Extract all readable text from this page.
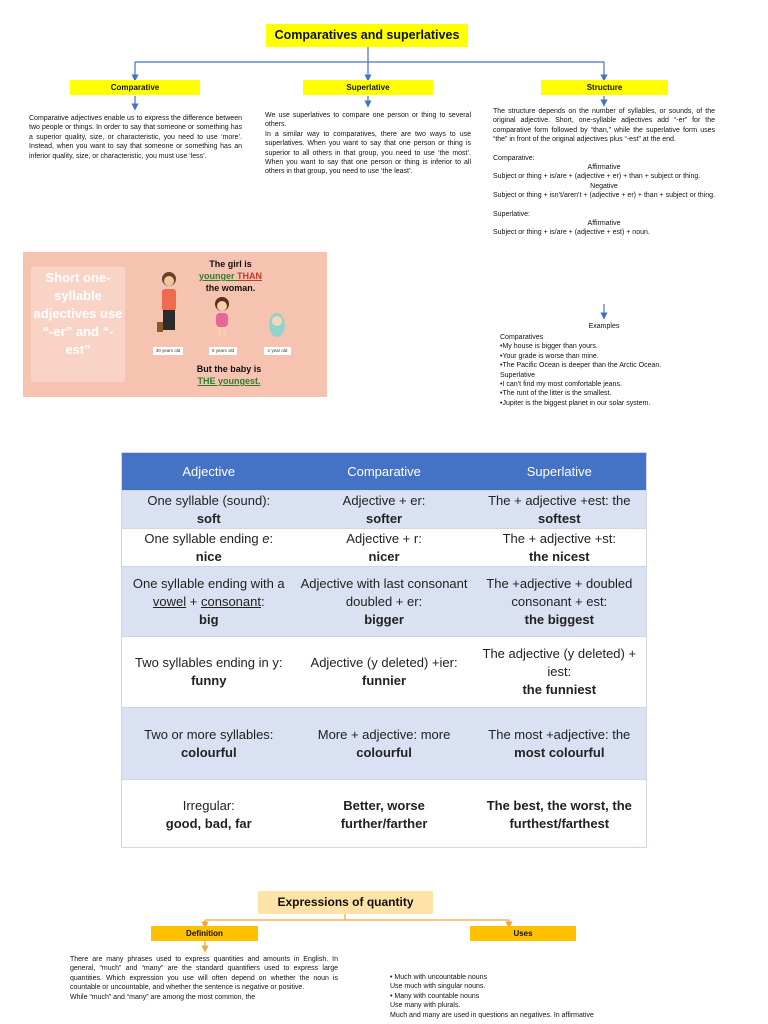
Comparatives and superlatives
Comparative	Superlative	Structure
Comparative adjectives enable us to express the difference between two people or things. In order to say that someone or something has a superior quality, size, or characteristic, you need to use ‘more’. Instead, when you want to say that someone or something has an inferior quality, size, or characteristic, you must use ‘less’.
We use superlatives to compare one person or thing to several others.
In a similar way to comparatives, there are two ways to use superlatives. When you want to say that one person or thing is superior to all others in that group, you need to use ‘the most’. When you want to say that one person or thing is inferior to all others in that group, you need to use ‘the least’.
The structure depends on the number of syllables, or sounds, of the original adjective. Short, one-syllable adjectives add “-er” for the comparative form followed by “than,” while the superlative form uses “the” in front of the original adjectives plus “-est” at the end.
Comparative:
Affirmative
Subject or thing + is/are + (adjective + er) + than + subject or thing.
Negative
Subject or thing + isn’t/aren’t + (adjective + er) + than + subject or thing.
Superlative:
Affirmative
Subject or thing + is/are + (adjective + est) + noun.
Examples
Comparatives
•My house is bigger than yours.
•Your grade is worse than mine.
•The Pacific Ocean is deeper than the Arctic Ocean.
Superlative
•I can’t find my most comfortable jeans.
•The runt of the litter is the smallest.
•Jupiter is the biggest planet in our solar system.
Short one-syllable adjectives use “-er” and “-est”	30 years old	8 years old	1 year old
The girl is
younger THAN
the woman.
But the baby is
THE youngest.
Adjective	Comparative	Superlative
One syllable (sound):
soft	Adjective + er:
softer	The + adjective +est: the
softest

One syllable ending e:
nice	Adjective + r:
nicer	The + adjective +st:
the nicest

One syllable ending with a
vowel + consonant:
big	Adjective with last consonant doubled + er:
bigger	The +adjective + doubled consonant + est:
the biggest

Two syllables ending in y:
funny	Adjective (y deleted) +ier:
funnier	The adjective (y deleted) + iest:
the funniest

Two or more syllables:
colourful	More + adjective: more
colourful	The most +adjective: the
most colourful

Irregular:
good, bad, far	Better, worse
further/farther	The best, the worst, the
furthest/farthest
Expressions of quantity
Definition	Uses
There are many phrases used to express quantities and amounts in English. In general, “much” and “many” are the standard quantifiers used to express large quantities. Which expression you use will often depend on whether the noun is countable or uncountable, and whether the sentence is negative or positive.
While “much” and “many” are among the most common, the
• Much with uncountable nouns
Use much with singular nouns.
• Many with countable nouns
Use many with plurals.
Much and many are used in questions an negatives. In affirmative
